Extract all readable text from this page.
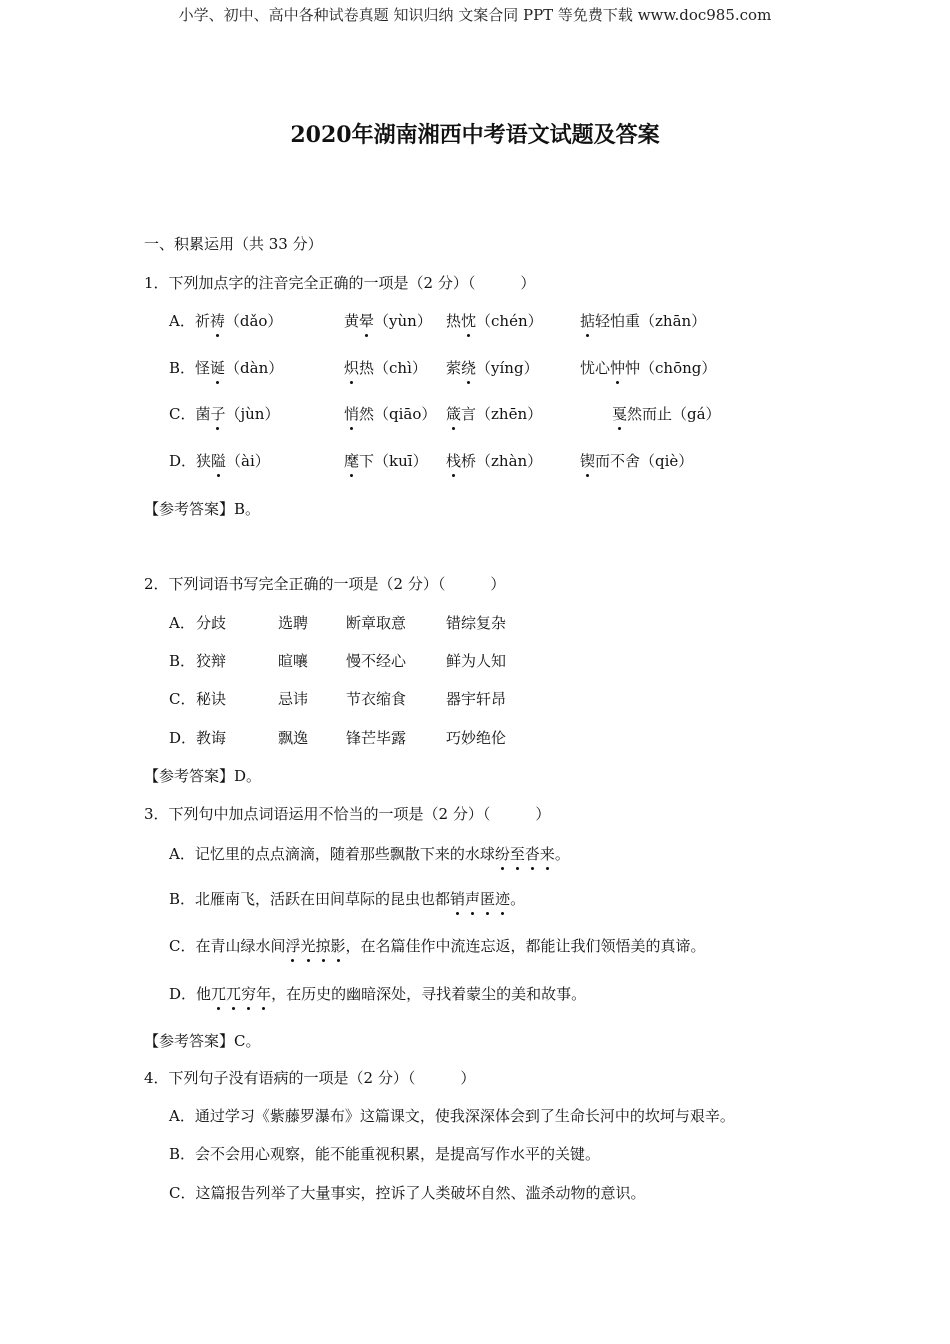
小学、初中、高中各种试卷真题 知识归纳 文案合同 PPT 等免费下载 www.doc985.com
2020年湖南湘西中考语文试题及答案
一、积累运用（共 33 分）
1．下列加点字的注音完全正确的一项是（2 分）（　　　）
A．祈祷（dǎo）	黄晕（yùn） 热忱（chén） 掂轻怕重（zhān）
B．怪诞（dàn）	炽热（chì） 萦绕（yíng）	忧心忡忡（chōng）
C．菌子（jùn）	悄然（qiāo） 箴言（zhēn）	戛然而止（gá）
D．狭隘（ài）	麾下（kuī） 栈桥（zhàn）	锲而不舍（qiè）
【参考答案】B。
2．下列词语书写完全正确的一项是（2 分）（　　　）
A． 分歧	选聘	断章取意	错综复杂
B． 狡辩	暄嚷	慢不经心	鲜为人知
C． 秘诀	忌讳	节衣缩食	器宇轩昂
D． 教诲	飘逸	锋芒毕露	巧妙绝伦
【参考答案】D。
3．下列句中加点词语运用不恰当的一项是（2 分）（　　　）
A．记忆里的点点滴滴，随着那些飘散下来的水球纷至沓来。
B．北雁南飞，活跃在田间草际的昆虫也都销声匿迹。
C．在青山绿水间浮光掠影，在名篇佳作中流连忘返，都能让我们领悟美的真谛。
D．他兀兀穷年，在历史的幽暗深处，寻找着蒙尘的美和故事。
【参考答案】C。
4．下列句子没有语病的一项是（2 分）（　　　）
A．通过学习《紫藤罗瀑布》这篇课文，使我深深体会到了生命长河中的坎坷与艰辛。
B．会不会用心观察，能不能重视积累，是提高写作水平的关键。
C．这篇报告列举了大量事实，控诉了人类破坏自然、滥杀动物的意识。
